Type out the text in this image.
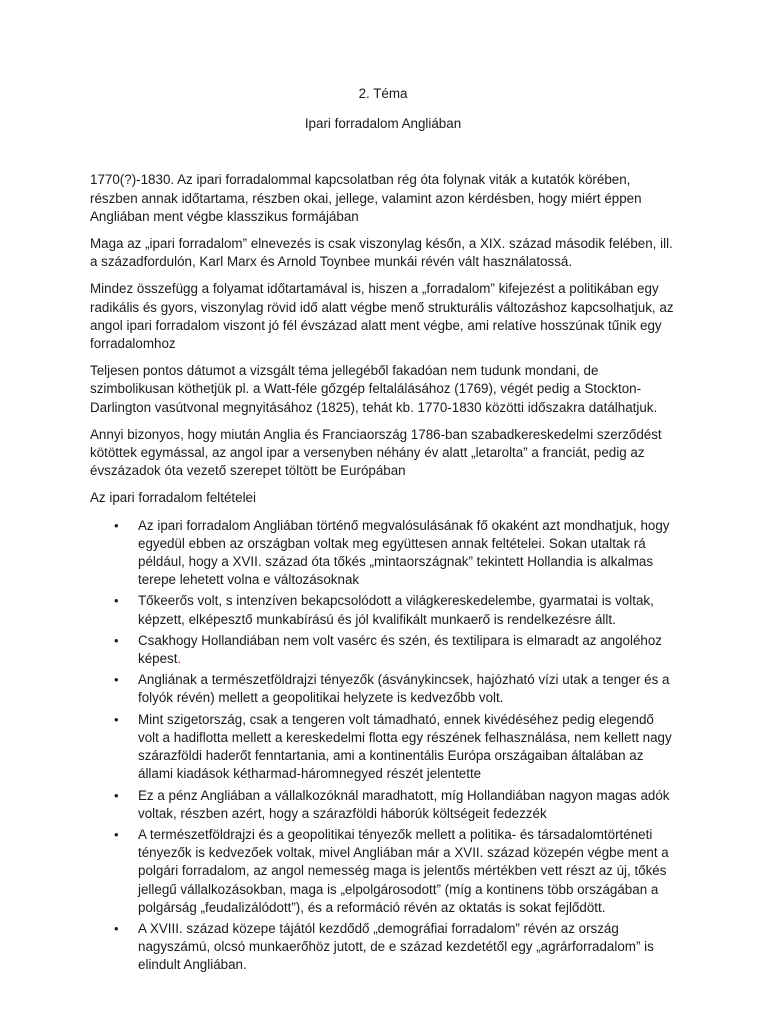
2. Téma

Ipari forradalom Angliában

1770(?)-1830. Az ipari forradalommal kapcsolatban rég óta folynak viták a kutatók körében, részben annak időtartama, részben okai, jellege, valamint azon kérdésben, hogy miért éppen Angliában ment végbe klasszikus formájában

Maga az „ipari forradalom” elnevezés is csak viszonylag későn, a XIX. század második felében, ill. a századfordulón, Karl Marx és Arnold Toynbee munkái révén vált használatossá.

Mindez összefügg a folyamat időtartamával is, hiszen a „forradalom” kifejezést a politikában egy radikális és gyors, viszonylag rövid idő alatt végbe menő strukturális változáshoz kapcsolhatjuk, az angol ipari forradalom viszont jó fél évszázad alatt ment végbe, ami relatíve hosszúnak tűnik egy forradalomhoz

Teljesen pontos dátumot a vizsgált téma jellegéből fakadóan nem tudunk mondani, de szimbolikusan köthetjük pl. a Watt-féle gőzgép feltalálásához (1769), végét pedig a Stockton-Darlington vasútvonal megnyitásához (1825), tehát kb. 1770-1830 közötti időszakra datálhatjuk.

Annyi bizonyos, hogy miután Anglia és Franciaország 1786-ban szabadkereskedelmi szerződést kötöttek egymással, az angol ipar a versenyben néhány év alatt „letarolta” a franciát, pedig az évszázadok óta vezető szerepet töltött be Európában

Az ipari forradalom feltételei

• Az ipari forradalom Angliában történő megvalósulásának fő okaként azt mondhatjuk, hogy egyedül ebben az országban voltak meg együttesen annak feltételei. Sokan utaltak rá például, hogy a XVII. század óta tőkés „mintaországnak” tekintett Hollandia is alkalmas terepe lehetett volna e változásoknak
• Tőkeerős volt, s intenzíven bekapcsolódott a világkereskedelembe, gyarmatai is voltak, képzett, elképesztő munkabírású és jól kvalifikált munkaerő is rendelkezésre állt.
• Csakhogy Hollandiában nem volt vasérc és szén, és textilipara is elmaradt az angoléhoz képest.
• Angliának a természetföldrajzi tényezők (ásványkincsek, hajózható vízi utak a tenger és a folyók révén) mellett a geopolitikai helyzete is kedvezőbb volt.
• Mint szigetország, csak a tengeren volt támadható, ennek kivédéséhez pedig elegendő volt a hadiflotta mellett a kereskedelmi flotta egy részének felhasználása, nem kellett nagy szárazföldi haderőt fenntartania, ami a kontinentális Európa országaiban általában az állami kiadások kétharmad-háromnegyed részét jelentette
• Ez a pénz Angliában a vállalkozóknál maradhatott, míg Hollandiában nagyon magas adók voltak, részben azért, hogy a szárazföldi háborúk költségeit fedezzék
• A természetföldrajzi és a geopolitikai tényezők mellett a politika- és társadalomtörténeti tényezők is kedvezőek voltak, mivel Angliában már a XVII. század közepén végbe ment a polgári forradalom, az angol nemesség maga is jelentős mértékben vett részt az új, tőkés jellegű vállalkozásokban, maga is „elpolgárosodott” (míg a kontinens több országában a polgárság „feudalizálódott”), és a reformáció révén az oktatás is sokat fejlődött.
• A XVIII. század közepe tájától kezdődő „demográfiai forradalom” révén az ország nagyszámú, olcsó munkaerőhöz jutott, de e század kezdetétől egy „agrárforradalom” is elindult Angliában.
